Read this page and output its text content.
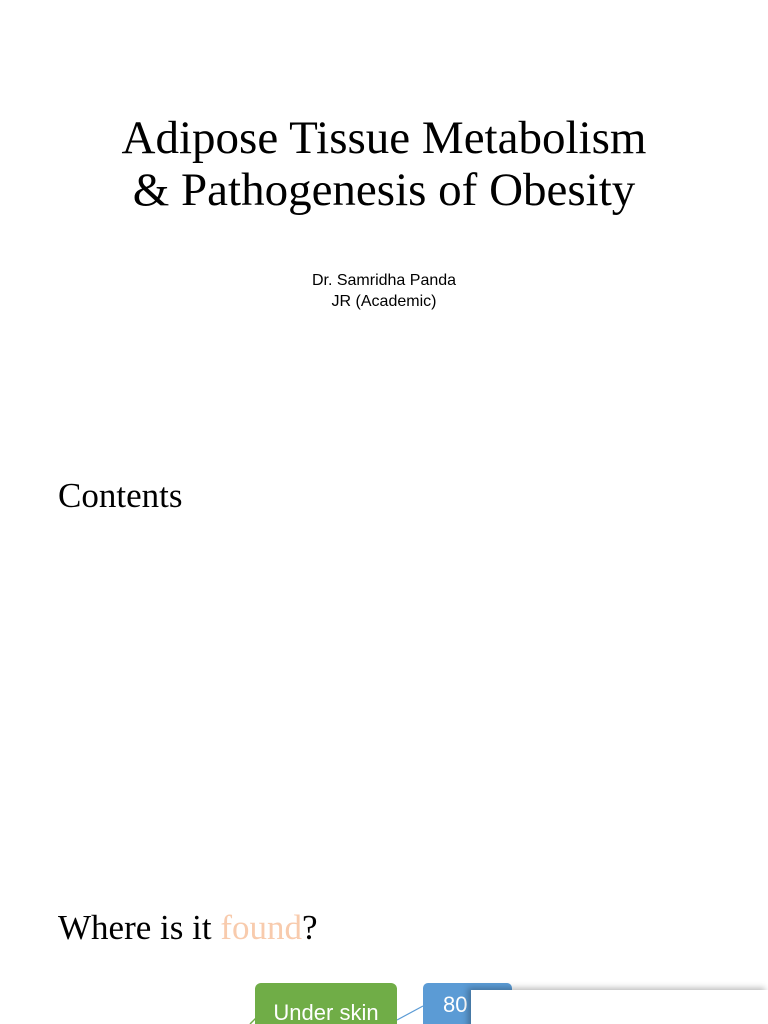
Adipose Tissue Metabolism
& Pathogenesis of Obesity
Dr. Samridha Panda
JR (Academic)
Contents
Where is it found?
Under skin	80
